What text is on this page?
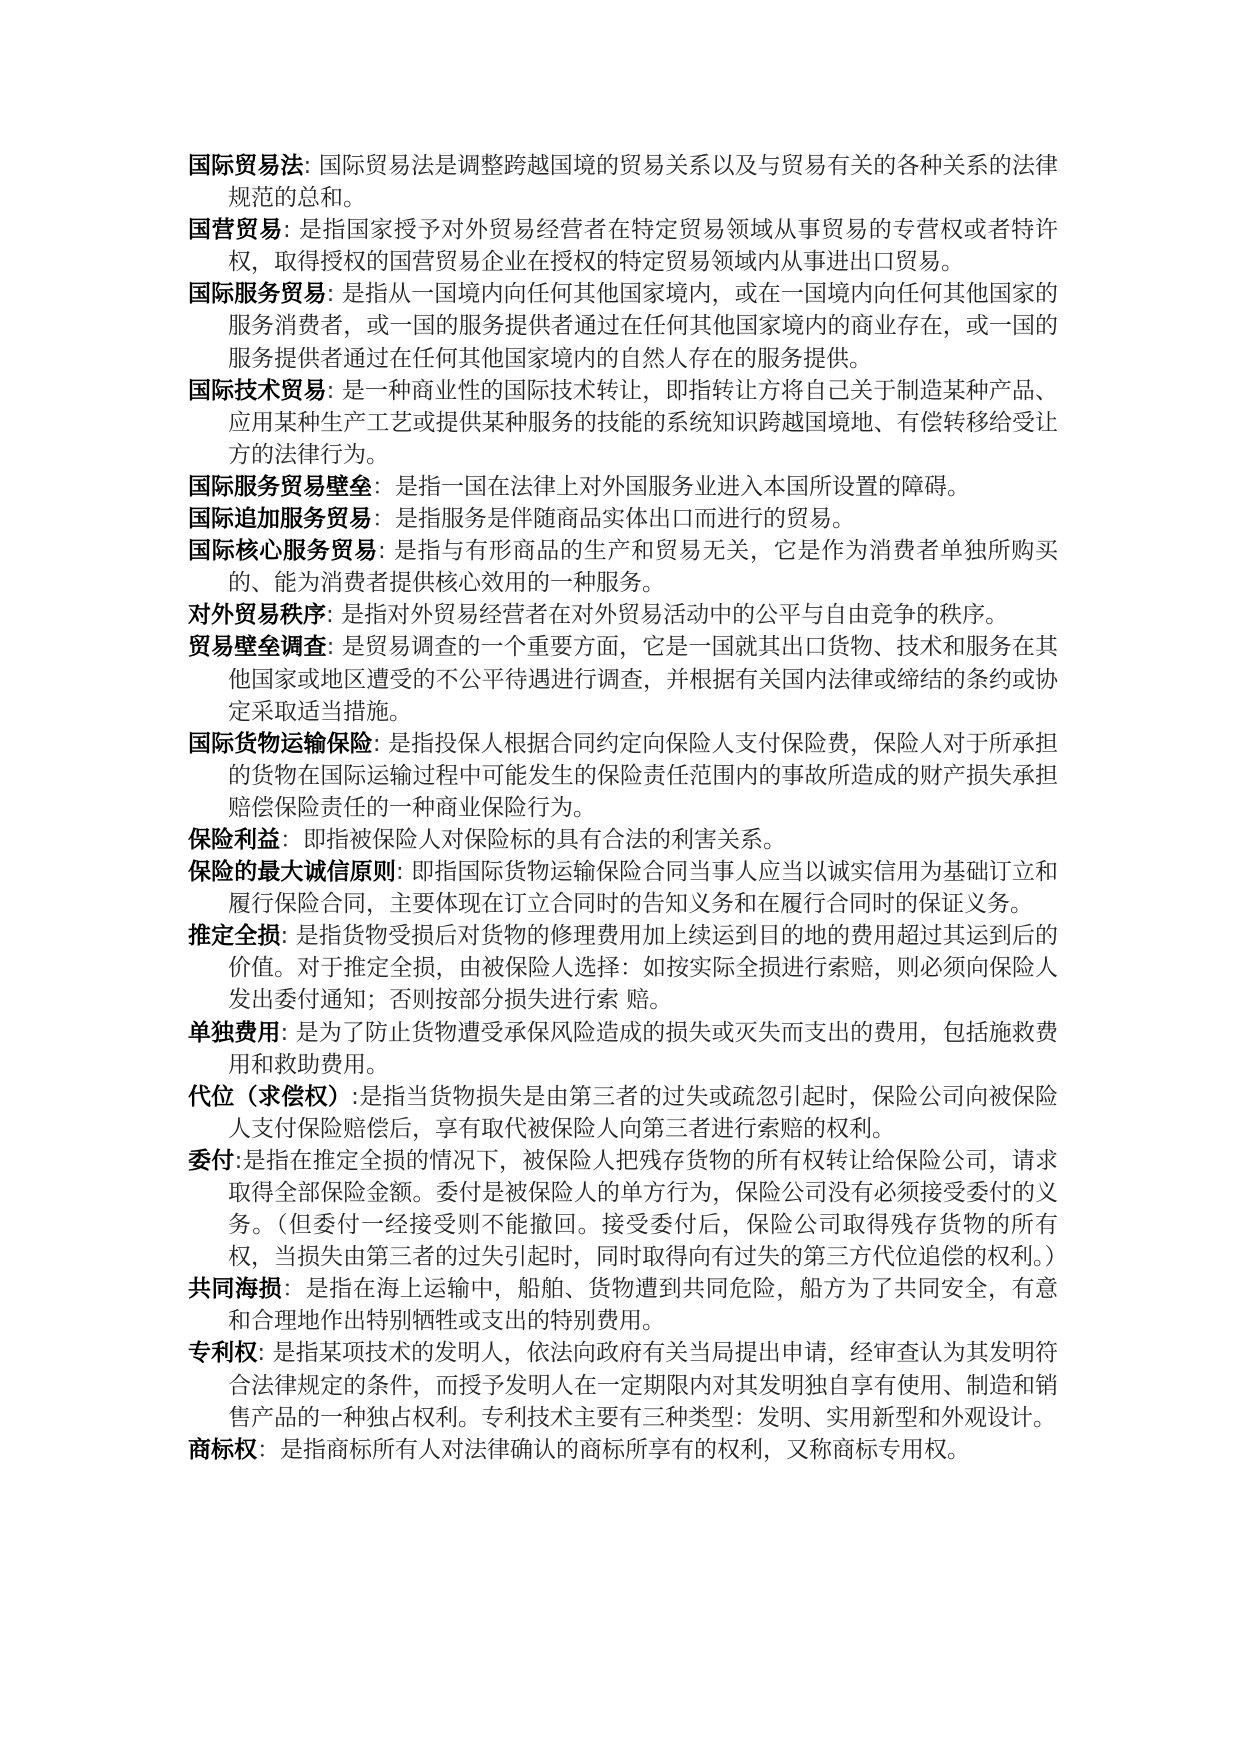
国际贸易法: 国际贸易法是调整跨越国境的贸易关系以及与贸易有关的各种关系的法律规范的总和。

国营贸易: 是指国家授予对外贸易经营者在特定贸易领域从事贸易的专营权或者特许权，取得授权的国营贸易企业在授权的特定贸易领域内从事进出口贸易。

国际服务贸易: 是指从一国境内向任何其他国家境内，或在一国境内向任何其他国家的服务消费者，或一国的服务提供者通过在任何其他国家境内的商业存在，或一国的服务提供者通过在任何其他国家境内的自然人存在的服务提供。

国际技术贸易: 是一种商业性的国际技术转让，即指转让方将自己关于制造某种产品、应用某种生产工艺或提供某种服务的技能的系统知识跨越国境地、有偿转移给受让方的法律行为。

国际服务贸易壁垒：是指一国在法律上对外国服务业进入本国所设置的障碍。

国际追加服务贸易：是指服务是伴随商品实体出口而进行的贸易。

国际核心服务贸易: 是指与有形商品的生产和贸易无关，它是作为消费者单独所购买的、能为消费者提供核心效用的一种服务。

对外贸易秩序: 是指对外贸易经营者在对外贸易活动中的公平与自由竞争的秩序。

贸易壁垒调查: 是贸易调查的一个重要方面，它是一国就其出口货物、技术和服务在其他国家或地区遭受的不公平待遇进行调查，并根据有关国内法律或缔结的条约或协定采取适当措施。

国际货物运输保险: 是指投保人根据合同约定向保险人支付保险费，保险人对于所承担的货物在国际运输过程中可能发生的保险责任范围内的事故所造成的财产损失承担赔偿保险责任的一种商业保险行为。

保险利益：即指被保险人对保险标的具有合法的利害关系。

保险的最大诚信原则: 即指国际货物运输保险合同当事人应当以诚实信用为基础订立和履行保险合同，主要体现在订立合同时的告知义务和在履行合同时的保证义务。

推定全损: 是指货物受损后对货物的修理费用加上续运到目的地的费用超过其运到后的价值。对于推定全损，由被保险人选择：如按实际全损进行索赔，则必须向保险人发出委付通知；否则按部分损失进行索 赔。

单独费用: 是为了防止货物遭受承保风险造成的损失或灭失而支出的费用，包括施救费用和救助费用。

代位（求偿权）:是指当货物损失是由第三者的过失或疏忽引起时，保险公司向被保险人支付保险赔偿后，享有取代被保险人向第三者进行索赔的权利。

委付:是指在推定全损的情况下，被保险人把残存货物的所有权转让给保险公司，请求取得全部保险金额。委付是被保险人的单方行为，保险公司没有必须接受委付的义务。（但委付一经接受则不能撤回。接受委付后，保险公司取得残存货物的所有权，当损失由第三者的过失引起时，同时取得向有过失的第三方代位追偿的权利。）

共同海损：是指在海上运输中，船舶、货物遭到共同危险，船方为了共同安全，有意和合理地作出特别牺牲或支出的特别费用。

专利权: 是指某项技术的发明人，依法向政府有关当局提出申请，经审查认为其发明符合法律规定的条件，而授予发明人在一定期限内对其发明独自享有使用、制造和销售产品的一种独占权利。专利技术主要有三种类型：发明、实用新型和外观设计。

商标权：是指商标所有人对法律确认的商标所享有的权利，又称商标专用权。
